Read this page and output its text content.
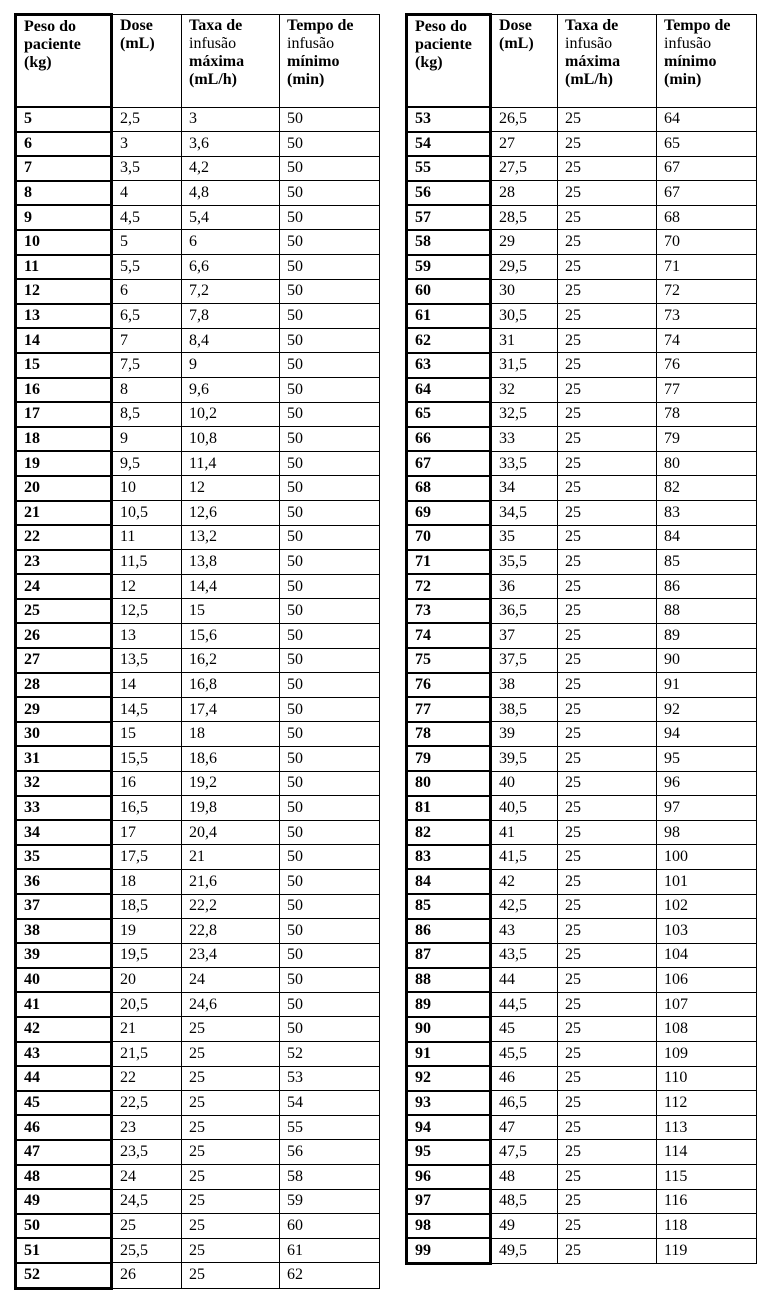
Peso do
paciente
(kg)	Dose
(mL)	Taxa de
infusão
máxima
(mL/h)	Tempo de
infusão
mínimo
(min)

5	2,5	3	50
6	3	3,6	50
7	3,5	4,2	50
8	4	4,8	50
9	4,5	5,4	50
10	5	6	50
11	5,5	6,6	50
12	6	7,2	50
13	6,5	7,8	50
14	7	8,4	50
15	7,5	9	50
16	8	9,6	50
17	8,5	10,2	50
18	9	10,8	50
19	9,5	11,4	50
20	10	12	50
21	10,5	12,6	50
22	11	13,2	50
23	11,5	13,8	50
24	12	14,4	50
25	12,5	15	50
26	13	15,6	50
27	13,5	16,2	50
28	14	16,8	50
29	14,5	17,4	50
30	15	18	50
31	15,5	18,6	50
32	16	19,2	50
33	16,5	19,8	50
34	17	20,4	50
35	17,5	21	50
36	18	21,6	50
37	18,5	22,2	50
38	19	22,8	50
39	19,5	23,4	50
40	20	24	50
41	20,5	24,6	50
42	21	25	50
43	21,5	25	52
44	22	25	53
45	22,5	25	54
46	23	25	55
47	23,5	25	56
48	24	25	58
49	24,5	25	59
50	25	25	60
51	25,5	25	61
52	26	25	62
Peso do
paciente
(kg)	Dose
(mL)	Taxa de
infusão
máxima
(mL/h)	Tempo de
infusão
mínimo
(min)

53	26,5	25	64
54	27	25	65
55	27,5	25	67
56	28	25	67
57	28,5	25	68
58	29	25	70
59	29,5	25	71
60	30	25	72
61	30,5	25	73
62	31	25	74
63	31,5	25	76
64	32	25	77
65	32,5	25	78
66	33	25	79
67	33,5	25	80
68	34	25	82
69	34,5	25	83
70	35	25	84
71	35,5	25	85
72	36	25	86
73	36,5	25	88
74	37	25	89
75	37,5	25	90
76	38	25	91
77	38,5	25	92
78	39	25	94
79	39,5	25	95
80	40	25	96
81	40,5	25	97
82	41	25	98
83	41,5	25	100
84	42	25	101
85	42,5	25	102
86	43	25	103
87	43,5	25	104
88	44	25	106
89	44,5	25	107
90	45	25	108
91	45,5	25	109
92	46	25	110
93	46,5	25	112
94	47	25	113
95	47,5	25	114
96	48	25	115
97	48,5	25	116
98	49	25	118
99	49,5	25	119
